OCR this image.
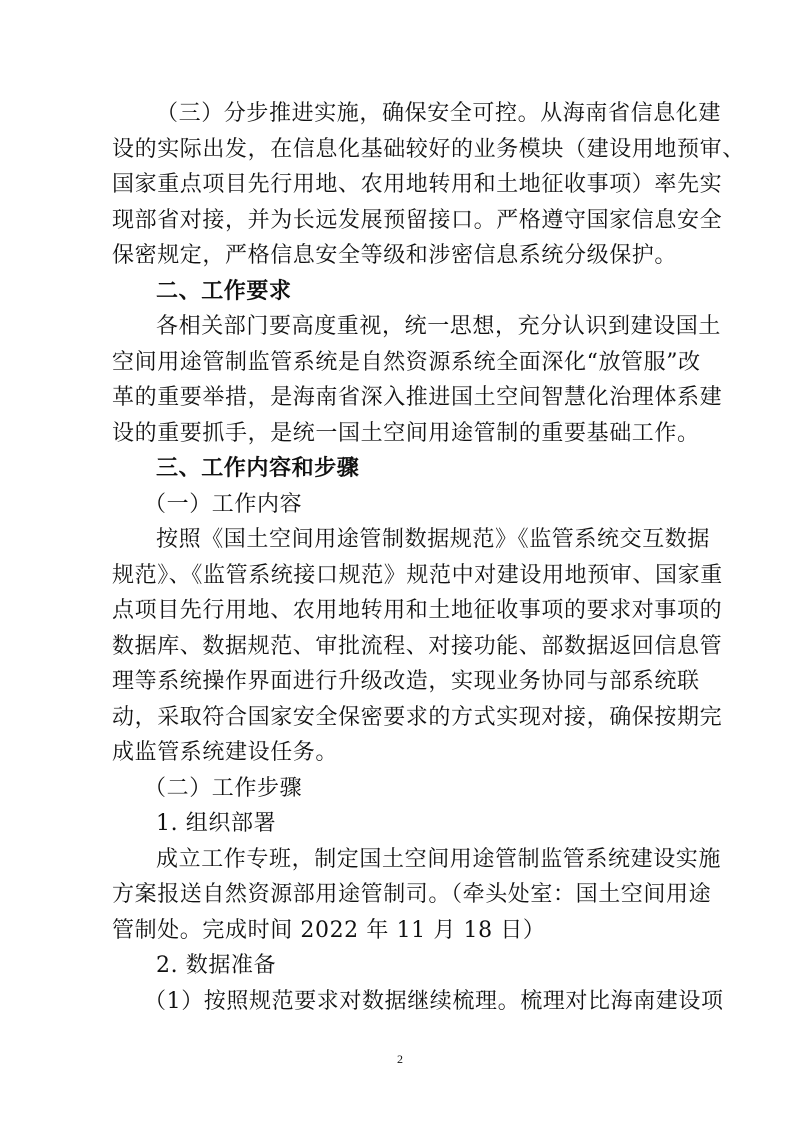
（三）分步推进实施，确保安全可控。从海南省信息化建
设的实际出发，在信息化基础较好的业务模块（建设用地预审、
国家重点项目先行用地、农用地转用和土地征收事项）率先实
现部省对接，并为长远发展预留接口。严格遵守国家信息安全
保密规定，严格信息安全等级和涉密信息系统分级保护。
二、工作要求
各相关部门要高度重视，统一思想，充分认识到建设国土
空间用途管制监管系统是自然资源系统全面深化“放管服”改
革的重要举措，是海南省深入推进国土空间智慧化治理体系建
设的重要抓手，是统一国土空间用途管制的重要基础工作。
三、工作内容和步骤
（一）工作内容
按照《国土空间用途管制数据规范》《监管系统交互数据
规范》、《监管系统接口规范》规范中对建设用地预审、国家重
点项目先行用地、农用地转用和土地征收事项的要求对事项的
数据库、数据规范、审批流程、对接功能、部数据返回信息管
理等系统操作界面进行升级改造，实现业务协同与部系统联
动，采取符合国家安全保密要求的方式实现对接，确保按期完
成监管系统建设任务。
（二）工作步骤
1. 组织部署
成立工作专班，制定国土空间用途管制监管系统建设实施
方案报送自然资源部用途管制司。（牵头处室：国土空间用途
管制处。完成时间 2022 年 11 月 18 日）
2. 数据准备
（1）按照规范要求对数据继续梳理。梳理对比海南建设项
2
